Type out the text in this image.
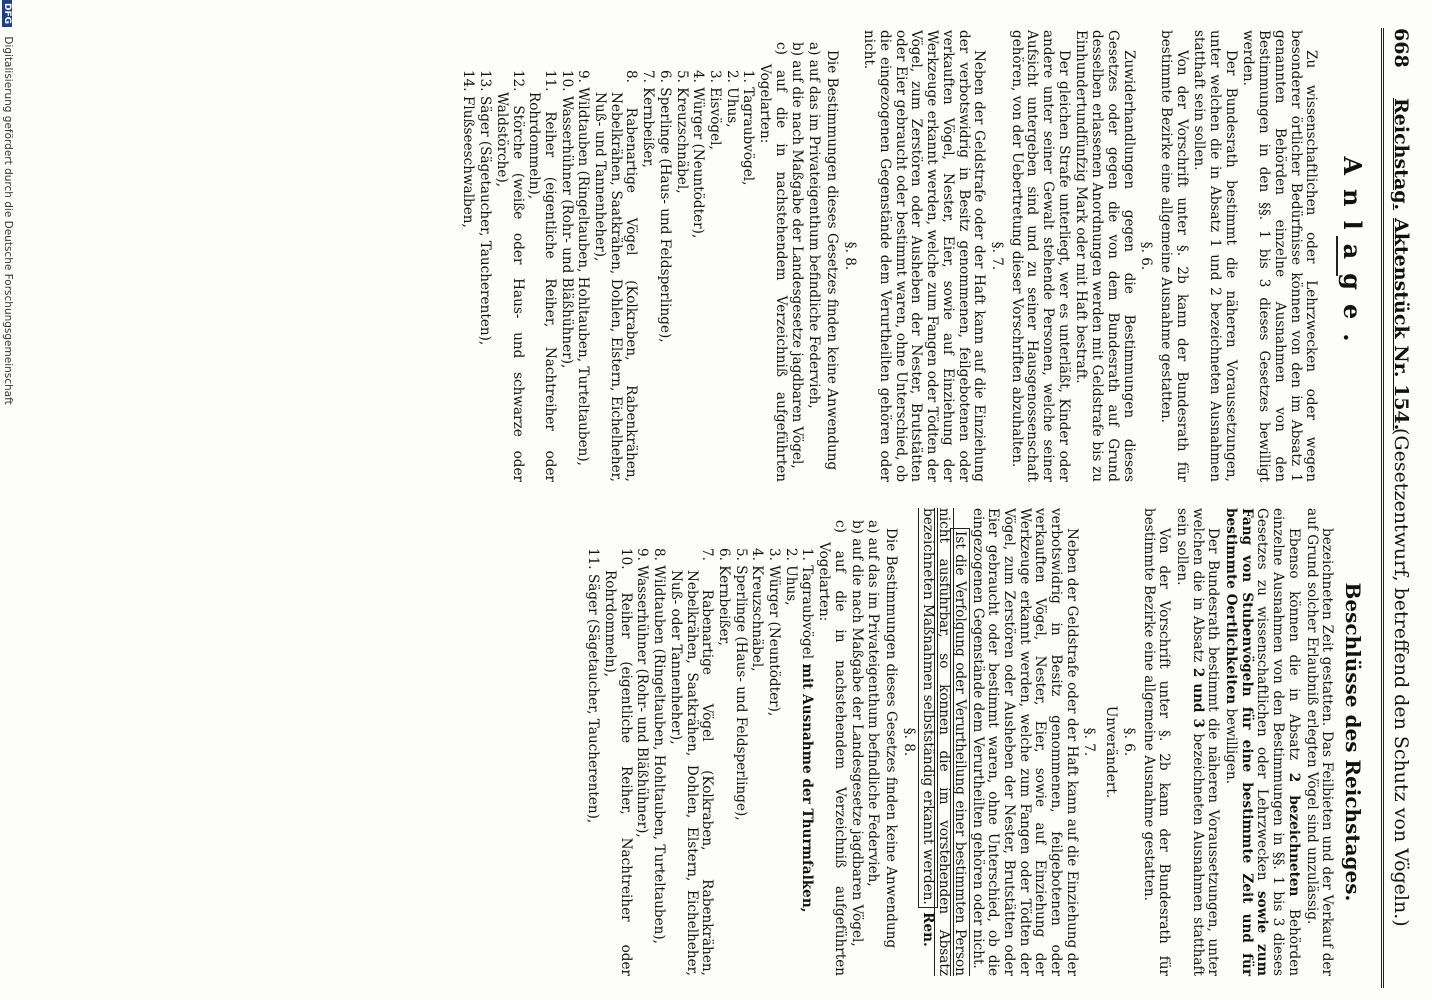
668
Reichstag.
Aktenstück Nr. 154.
(Gesetzentwurf, betreffend den Schutz von Vögeln.)
Anlage.

Zu wissenschaftlichen oder Lehrzwecken oder wegen besonderer örtlicher Bedürfnisse können von den im Absatz 1 genannten Behörden einzelne Ausnahmen von den Bestimmungen in den §§. 1 bis 3 dieses Gesetzes bewilligt werden.

Der Bundesrath bestimmt die näheren Voraussetzungen, unter welchen die in Absatz 1 und 2 bezeichneten Ausnahmen statthaft sein sollen.

Von der Vorschrift unter §. 2b kann der Bundesrath für bestimmte Bezirke eine allgemeine Ausnahme gestatten.

§. 6.

Zuwiderhandlungen gegen die Bestimmungen dieses Gesetzes oder gegen die von dem Bundesrath auf Grund desselben erlassenen Anordnungen werden mit Geldstrafe bis zu Einhundertundfünfzig Mark oder mit Haft bestraft.

Der gleichen Strafe unterliegt, wer es unterläßt, Kinder oder andere unter seiner Gewalt stehende Personen, welche seiner Aufsicht untergeben sind und zu seiner Hausgenossenschaft gehören, von der Uebertretung dieser Vorschriften abzuhalten.

§. 7.

Neben der Geldstrafe oder der Haft kann auf die Einziehung der verbotswidrig in Besitz genommenen, feilgebotenen oder verkauften Vögel, Nester, Eier, sowie auf Einziehung der Werkzeuge erkannt werden, welche zum Fangen oder Tödten der Vögel, zum Zerstören oder Ausheben der Nester, Brutstätten oder Eier gebraucht oder bestimmt waren, ohne Unterschied, ob die eingezogenen Gegenstände dem Verurtheilten gehören oder nicht.

§. 8.

Die Bestimmungen dieses Gesetzes finden keine Anwendung

a) auf das im Privateigenthum befindliche Federvieh,
b) auf die nach Maßgabe der Landesgesetze jagdbaren Vögel,
c) auf die in nachstehendem Verzeichniß aufgeführten Vogelarten:
1. Tagraubvögel,
2. Uhus,
3. Eisvögel,
4. Würger (Neuntödter),
5. Kreuzschnäbel,
6. Sperlinge (Haus- und Feldsperlinge),
7. Kernbeißer,
8. Rabenartige Vögel (Kolkraben, Rabenkrähen, Nebelkrähen, Saatkrähen, Dohlen, Elstern, Eichelheher, Nuß- und Tannenheher),
9. Wildtauben (Ringeltauben, Hohltauben, Turteltauben),
10. Wasserhühner (Rohr- und Bläßhühner),
11. Reiher (eigentliche Reiher, Nachtreiher oder Rohrdommeln),
12. Störche (weiße oder Haus- und schwarze oder Waldstörche),
13. Säger (Sägetaucher, Taucherenten),
14. Flußseeschwalben,
Beschlüsse des Reichstages.

bezeichneten Zeit gestatten. Das Feilbieten und der Verkauf der auf Grund solcher Erlaubniß erlegten Vögel sind unzulässig.

Ebenso können die in Absatz 2 bezeichneten Behörden einzelne Ausnahmen von den Bestimmungen in §§. 1 bis 3 dieses Gesetzes zu wissenschaftlichen oder Lehrzwecken sowie zum Fang von Stubenvögeln für eine bestimmte Zeit und für bestimmte Oertlichkeiten bewilligen.

Der Bundesrath bestimmt die näheren Voraussetzungen, unter welchen die in Absatz 2 und 3 bezeichneten Ausnahmen statthaft sein sollen.

Von der Vorschrift unter §. 2b kann der Bundesrath für bestimmte Bezirke eine allgemeine Ausnahme gestatten.

§. 6.

Unverändert.

§. 7.

Neben der Geldstrafe oder der Haft kann auf die Einziehung der verbotswidrig in Besitz genommenen, feilgebotenen oder verkauften Vögel, Nester, Eier, sowie auf Einziehung der Werkzeuge erkannt werden, welche zum Fangen oder Tödten der Vögel, zum Zerstören oder Ausheben der Nester, Brutstätten oder Eier gebraucht oder bestimmt waren, ohne Unterschied, ob die eingezogenen Gegenstände dem Verurtheilten gehören oder nicht.

Ist die Verfolgung oder Verurtheilung einer bestimmten Person nicht ausführbar, so können die im vorstehenden Absatz bezeichneten Maßnahmen selbstständig erkannt werden. Ren.

§. 8.

Die Bestimmungen dieses Gesetzes finden keine Anwendung

a) auf das im Privateigenthum befindliche Federvieh,
b) auf die nach Maßgabe der Landesgesetze jagdbaren Vögel,
c) auf die in nachstehendem Verzeichniß aufgeführten Vogelarten:
1. Tagraubvögel mit Ausnahme der Thurmfalken,
2. Uhus,
3. Würger (Neuntödter),
4. Kreuzschnäbel,
5. Sperlinge (Haus- und Feldsperlinge),
6. Kernbeißer,
7. Rabenartige Vögel (Kolkraben, Rabenkrähen, Nebelkrähen, Saatkrähen, Dohlen, Elstern, Eichelheher, Nuß- oder Tannenheher),
8. Wildtauben (Ringeltauben, Hohltauben, Turteltauben),
9. Wasserhühner (Rohr- und Bläßhühner),
10. Reiher (eigentliche Reiher, Nachtreiher oder Rohrdommeln),
11. Säger (Sägetaucher, Taucherenten),
DFG Digitalisierung gefördert durch die Deutsche Forschungsgemeinschaft
